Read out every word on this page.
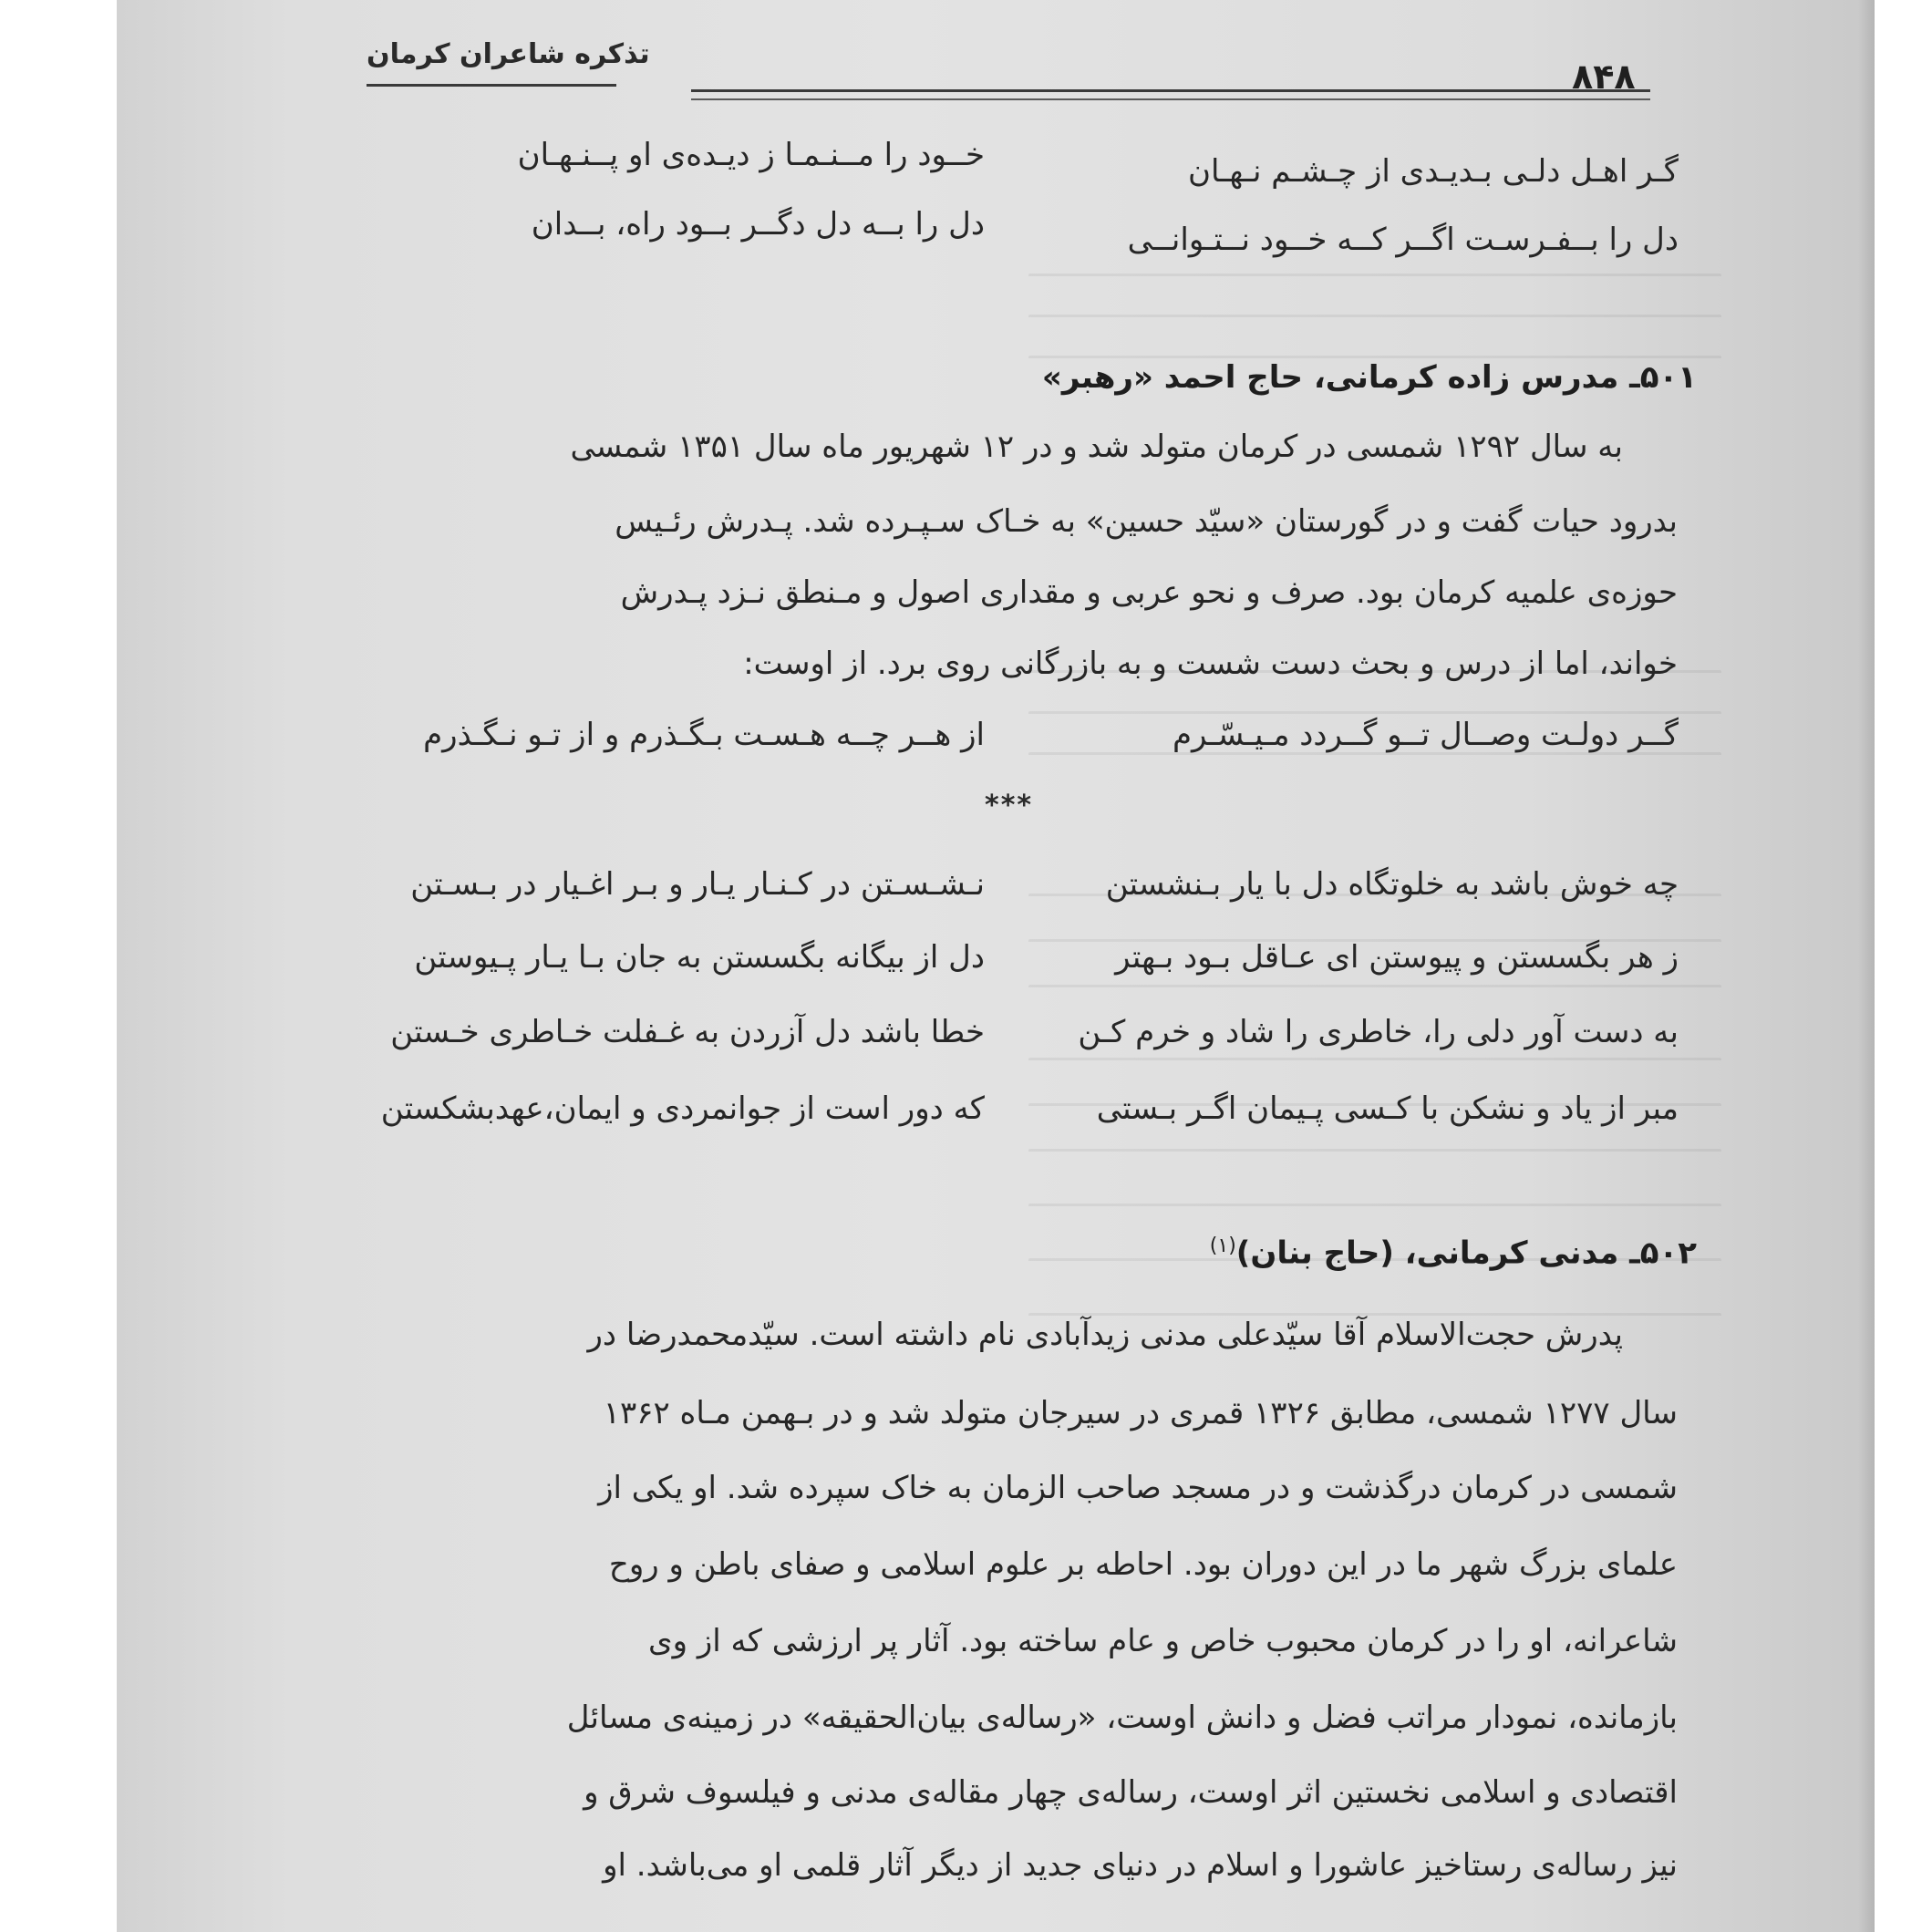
تذکره شاعران کرمان
۸۴۸
گـر اهـل دلـی بـدیـدی از چـشـم نـهـان
خــود را مــنـمـا ز دیـده‌ی او پــنـهـان
دل را بــفـرسـت اگــر کــه خــود نــتـوانــی
دل را بــه دل دگــر بــود راه، بــدان
۵۰۱ـ مدرس زاده کرمانی، حاج احمد «رهبر»
به سال ۱۲۹۲ شمسی در کرمان متولد شد و در ۱۲ شهریور ماه سال ۱۳۵۱ شمسی
بدرود حیات گفت و در گورستان «سیّد حسین» به خـاک سـپـرده شد. پـدرش رئـیس
حوزه‌ی علمیه کرمان بود. صرف و نحو عربی و مقداری اصول و مـنطق نـزد پـدرش
خواند، اما از درس و بحث دست شست و به بازرگانی روی برد. از اوست:
گــر دولـت وصــال تــو گــردد مـیـسّـرم
از هــر چــه هـسـت بـگـذرم و از تـو نـگـذرم
***
چه خوش باشد به خلوتگاه دل با یار بـنشستن
نـشـسـتن در کـنـار یـار و بـر اغـیار در بـسـتن
ز هر بگسستن و پیوستن ای عـاقل بـود بـهتر
دل از بیگانه بگسستن به جان بـا یـار پـیوستن
به دست آور دلی را، خاطری را شاد و خرم کـن
خطا باشد دل آزردن به غـفلت خـاطری خـستن
مبر از یاد و نشکن با کـسی پـیمان اگـر بـستی
که دور است از جوانمردی و ایمان،عهدبشکستن
۵۰۲ـ مدنی کرمانی، (حاج بنان)$^{(۱)}$
پدرش حجت‌الاسلام آقا سیّدعلی مدنی زیدآبادی نام داشته است. سیّدمحمدرضا در
سال ۱۲۷۷ شمسی، مطابق ۱۳۲۶ قمری در سیرجان متولد شد و در بـهمن مـاه ۱۳۶۲
شمسی در کرمان درگذشت و در مسجد صاحب الزمان به خاک سپرده شد. او یکی از
علمای بزرگ شهر ما در این دوران بود. احاطه بر علوم اسلامی و صفای باطن و روح
شاعرانه، او را در کرمان محبوب خاص و عام ساخته بود. آثار پر ارزشی که از وی
بازمانده، نمودار مراتب فضل و دانش اوست، «رساله‌ی بیان‌الحقیقه» در زمینه‌ی مسائل
اقتصادی و اسلامی نخستین اثر اوست، رساله‌ی چهار مقاله‌ی مدنی و فیلسوف شرق و
نیز رساله‌ی رستاخیز عاشورا و اسلام در دنیای جدید از دیگر آثار قلمی او می‌باشد. او
